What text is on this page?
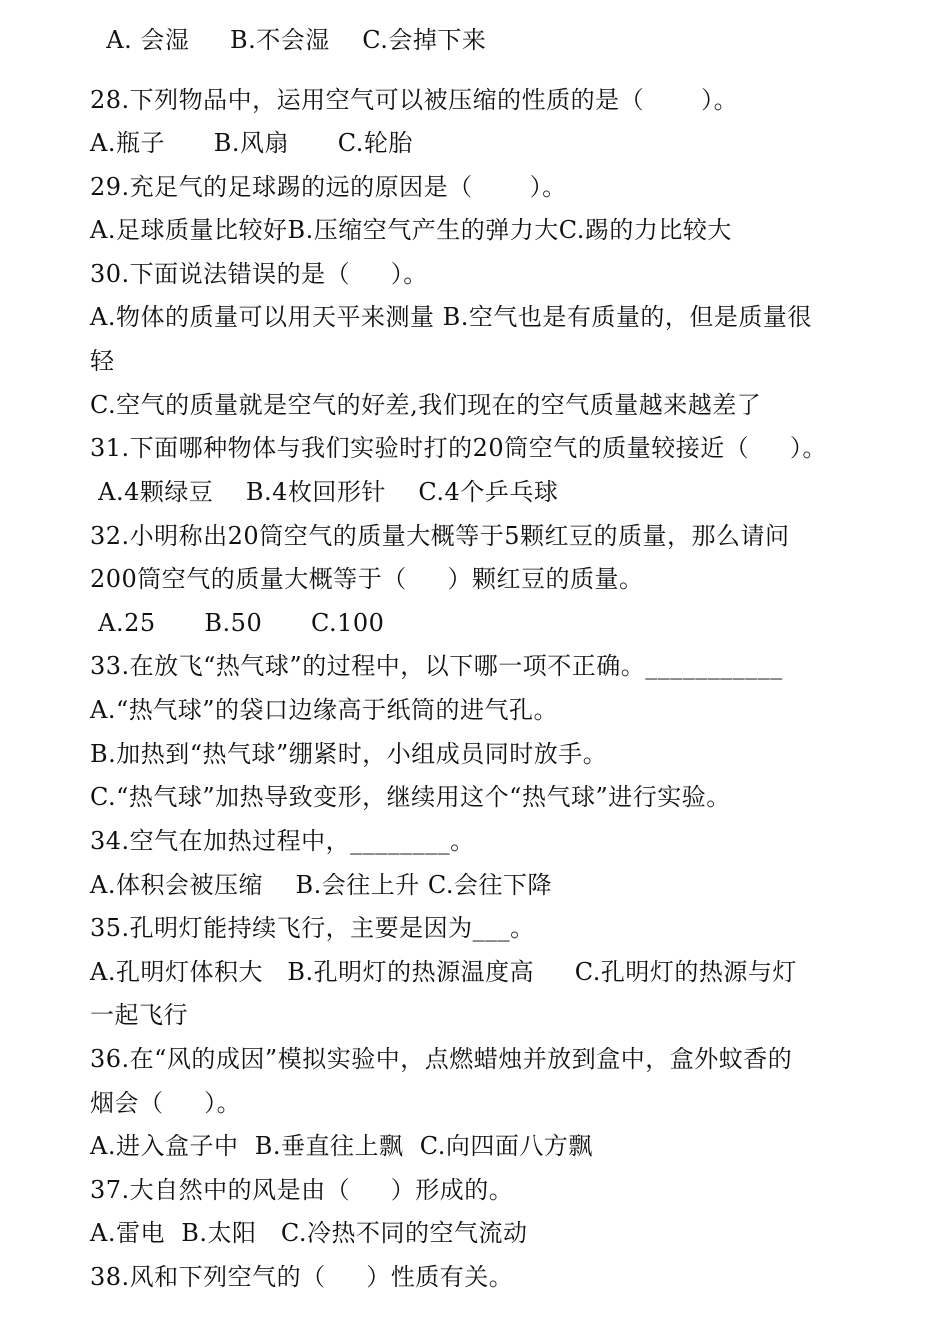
A. 会湿     B.不会湿    C.会掉下来
28.下列物品中，运用空气可以被压缩的性质的是（       ）。
A.瓶子      B.风扇      C.轮胎
29.充足气的足球踢的远的原因是（       ）。
A.足球质量比较好B.压缩空气产生的弹力大C.踢的力比较大
30.下面说法错误的是（     ）。
A.物体的质量可以用天平来测量 B.空气也是有质量的，但是质量很
轻
C.空气的质量就是空气的好差,我们现在的空气质量越来越差了
31.下面哪种物体与我们实验时打的20筒空气的质量较接近（     ）。
A.4颗绿豆    B.4枚回形针    C.4个乒乓球
32.小明称出20筒空气的质量大概等于5颗红豆的质量，那么请问
200筒空气的质量大概等于（     ）颗红豆的质量。
A.25      B.50      C.100
33.在放飞“热气球”的过程中，以下哪一项不正确。___________
A.“热气球”的袋口边缘高于纸筒的进气孔。
B.加热到“热气球”绷紧时，小组成员同时放手。
C.“热气球”加热导致变形，继续用这个“热气球”进行实验。
34.空气在加热过程中，________。
A.体积会被压缩    B.会往上升 C.会往下降
35.孔明灯能持续飞行，主要是因为___。
A.孔明灯体积大   B.孔明灯的热源温度高     C.孔明灯的热源与灯
一起飞行
36.在“风的成因”模拟实验中，点燃蜡烛并放到盒中，盒外蚊香的
烟会（     ）。
A.进入盒子中  B.垂直往上飘  C.向四面八方飘
37.大自然中的风是由（     ）形成的。
A.雷电  B.太阳   C.冷热不同的空气流动
38.风和下列空气的（     ）性质有关。
